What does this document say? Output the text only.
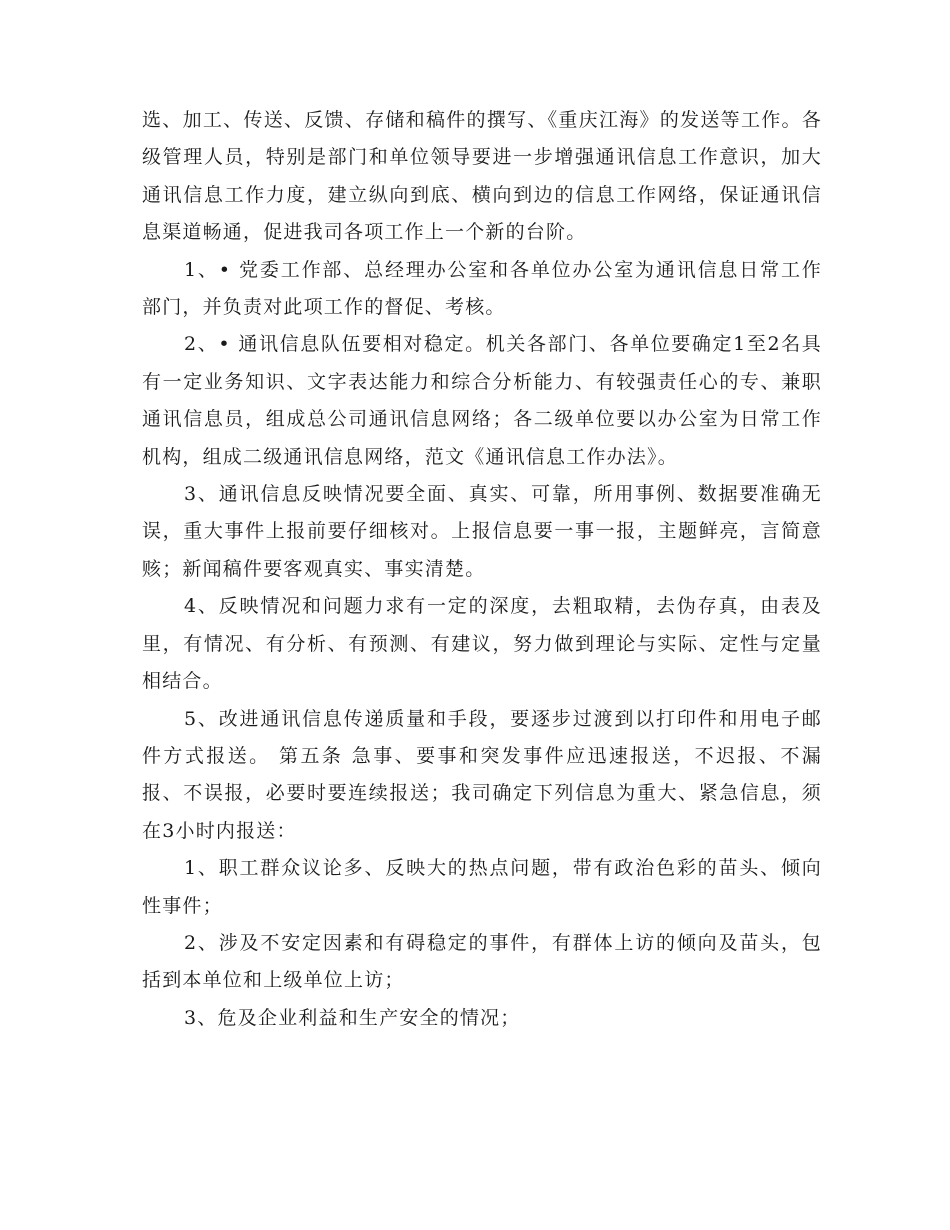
选、加工、传送、反馈、存储和稿件的撰写、《重庆江海》的发送等工作。各级管理人员，特别是部门和单位领导要进一步增强通讯信息工作意识，加大通讯信息工作力度，建立纵向到底、横向到边的信息工作网络，保证通讯信息渠道畅通，促进我司各项工作上一个新的台阶。

1、• 党委工作部、总经理办公室和各单位办公室为通讯信息日常工作部门，并负责对此项工作的督促、考核。

2、• 通讯信息队伍要相对稳定。机关各部门、各单位要确定1至2名具有一定业务知识、文字表达能力和综合分析能力、有较强责任心的专、兼职通讯信息员，组成总公司通讯信息网络；各二级单位要以办公室为日常工作机构，组成二级通讯信息网络，范文《通讯信息工作办法》。

3、通讯信息反映情况要全面、真实、可靠，所用事例、数据要准确无误，重大事件上报前要仔细核对。上报信息要一事一报，主题鲜亮，言简意赅；新闻稿件要客观真实、事实清楚。

4、反映情况和问题力求有一定的深度，去粗取精，去伪存真，由表及里，有情况、有分析、有预测、有建议，努力做到理论与实际、定性与定量相结合。

5、改进通讯信息传递质量和手段，要逐步过渡到以打印件和用电子邮件方式报送。 第五条 急事、要事和突发事件应迅速报送，不迟报、不漏报、不误报，必要时要连续报送；我司确定下列信息为重大、紧急信息，须在3小时内报送：

1、职工群众议论多、反映大的热点问题，带有政治色彩的苗头、倾向性事件；

2、涉及不安定因素和有碍稳定的事件，有群体上访的倾向及苗头，包括到本单位和上级单位上访；

3、危及企业利益和生产安全的情况；
